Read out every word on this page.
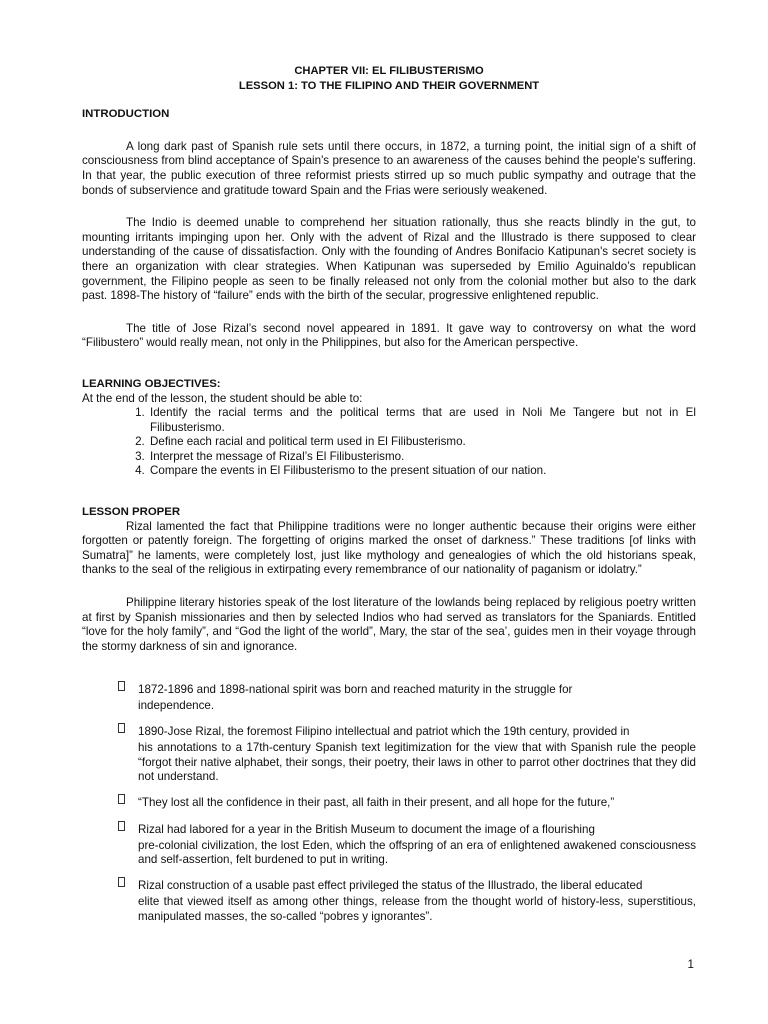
CHAPTER VII: EL FILIBUSTERISMO

LESSON 1: TO THE FILIPINO AND THEIR GOVERNMENT

INTRODUCTION

A long dark past of Spanish rule sets until there occurs, in 1872, a turning point, the initial sign of a shift of consciousness from blind acceptance of Spain's presence to an awareness of the causes behind the people's suffering. In that year, the public execution of three reformist priests stirred up so much public sympathy and outrage that the bonds of subservience and gratitude toward Spain and the Frias were seriously weakened.

The Indio is deemed unable to comprehend her situation rationally, thus she reacts blindly in the gut, to mounting irritants impinging upon her. Only with the advent of Rizal and the Illustrado is there supposed to clear understanding of the cause of dissatisfaction. Only with the founding of Andres Bonifacio Katipunan's secret society is there an organization with clear strategies. When Katipunan was superseded by Emilio Aguinaldo’s republican government, the Filipino people as seen to be finally released not only from the colonial mother but also to the dark past. 1898-The history of “failure” ends with the birth of the secular, progressive enlightened republic.

The title of Jose Rizal’s second novel appeared in 1891. It gave way to controversy on what the word “Filibustero” would really mean, not only in the Philippines, but also for the American perspective.

LEARNING OBJECTIVES:

At the end of the lesson, the student should be able to:

1. Identify the racial terms and the political terms that are used in Noli Me Tangere but not in El Filibusterismo.
2. Define each racial and political term used in El Filibusterismo.
3. Interpret the message of Rizal’s El Filibusterismo.
4. Compare the events in El Filibusterismo to the present situation of our nation.

LESSON PROPER

Rizal lamented the fact that Philippine traditions were no longer authentic because their origins were either forgotten or patently foreign. The forgetting of origins marked the onset of darkness.” These traditions [of links with Sumatra]” he laments, were completely lost, just like mythology and genealogies of which the old historians speak, thanks to the seal of the religious in extirpating every remembrance of our nationality of paganism or idolatry.”

Philippine literary histories speak of the lost literature of the lowlands being replaced by religious poetry written at first by Spanish missionaries and then by selected Indios who had served as translators for the Spaniards. Entitled “love for the holy family”, and “God the light of the world”, Mary, the star of the sea’, guides men in their voyage through the stormy darkness of sin and ignorance.

1872-1896 and 1898-national spirit was born and reached maturity in the struggle for
independence.
1890-Jose Rizal, the foremost Filipino intellectual and patriot which the 19th century, provided in
his annotations to a 17th-century Spanish text legitimization for the view that with Spanish rule the people “forgot their native alphabet, their songs, their poetry, their laws in other to parrot other doctrines that they did not understand.
“They lost all the confidence in their past, all faith in their present, and all hope for the future,”
Rizal had labored for a year in the British Museum to document the image of a flourishing
pre-colonial civilization, the lost Eden, which the offspring of an era of enlightened awakened consciousness and self-assertion, felt burdened to put in writing.
Rizal construction of a usable past effect privileged the status of the Illustrado, the liberal educated
elite that viewed itself as among other things, release from the thought world of history-less, superstitious, manipulated masses, the so-called “pobres y ignorantes”.
1
